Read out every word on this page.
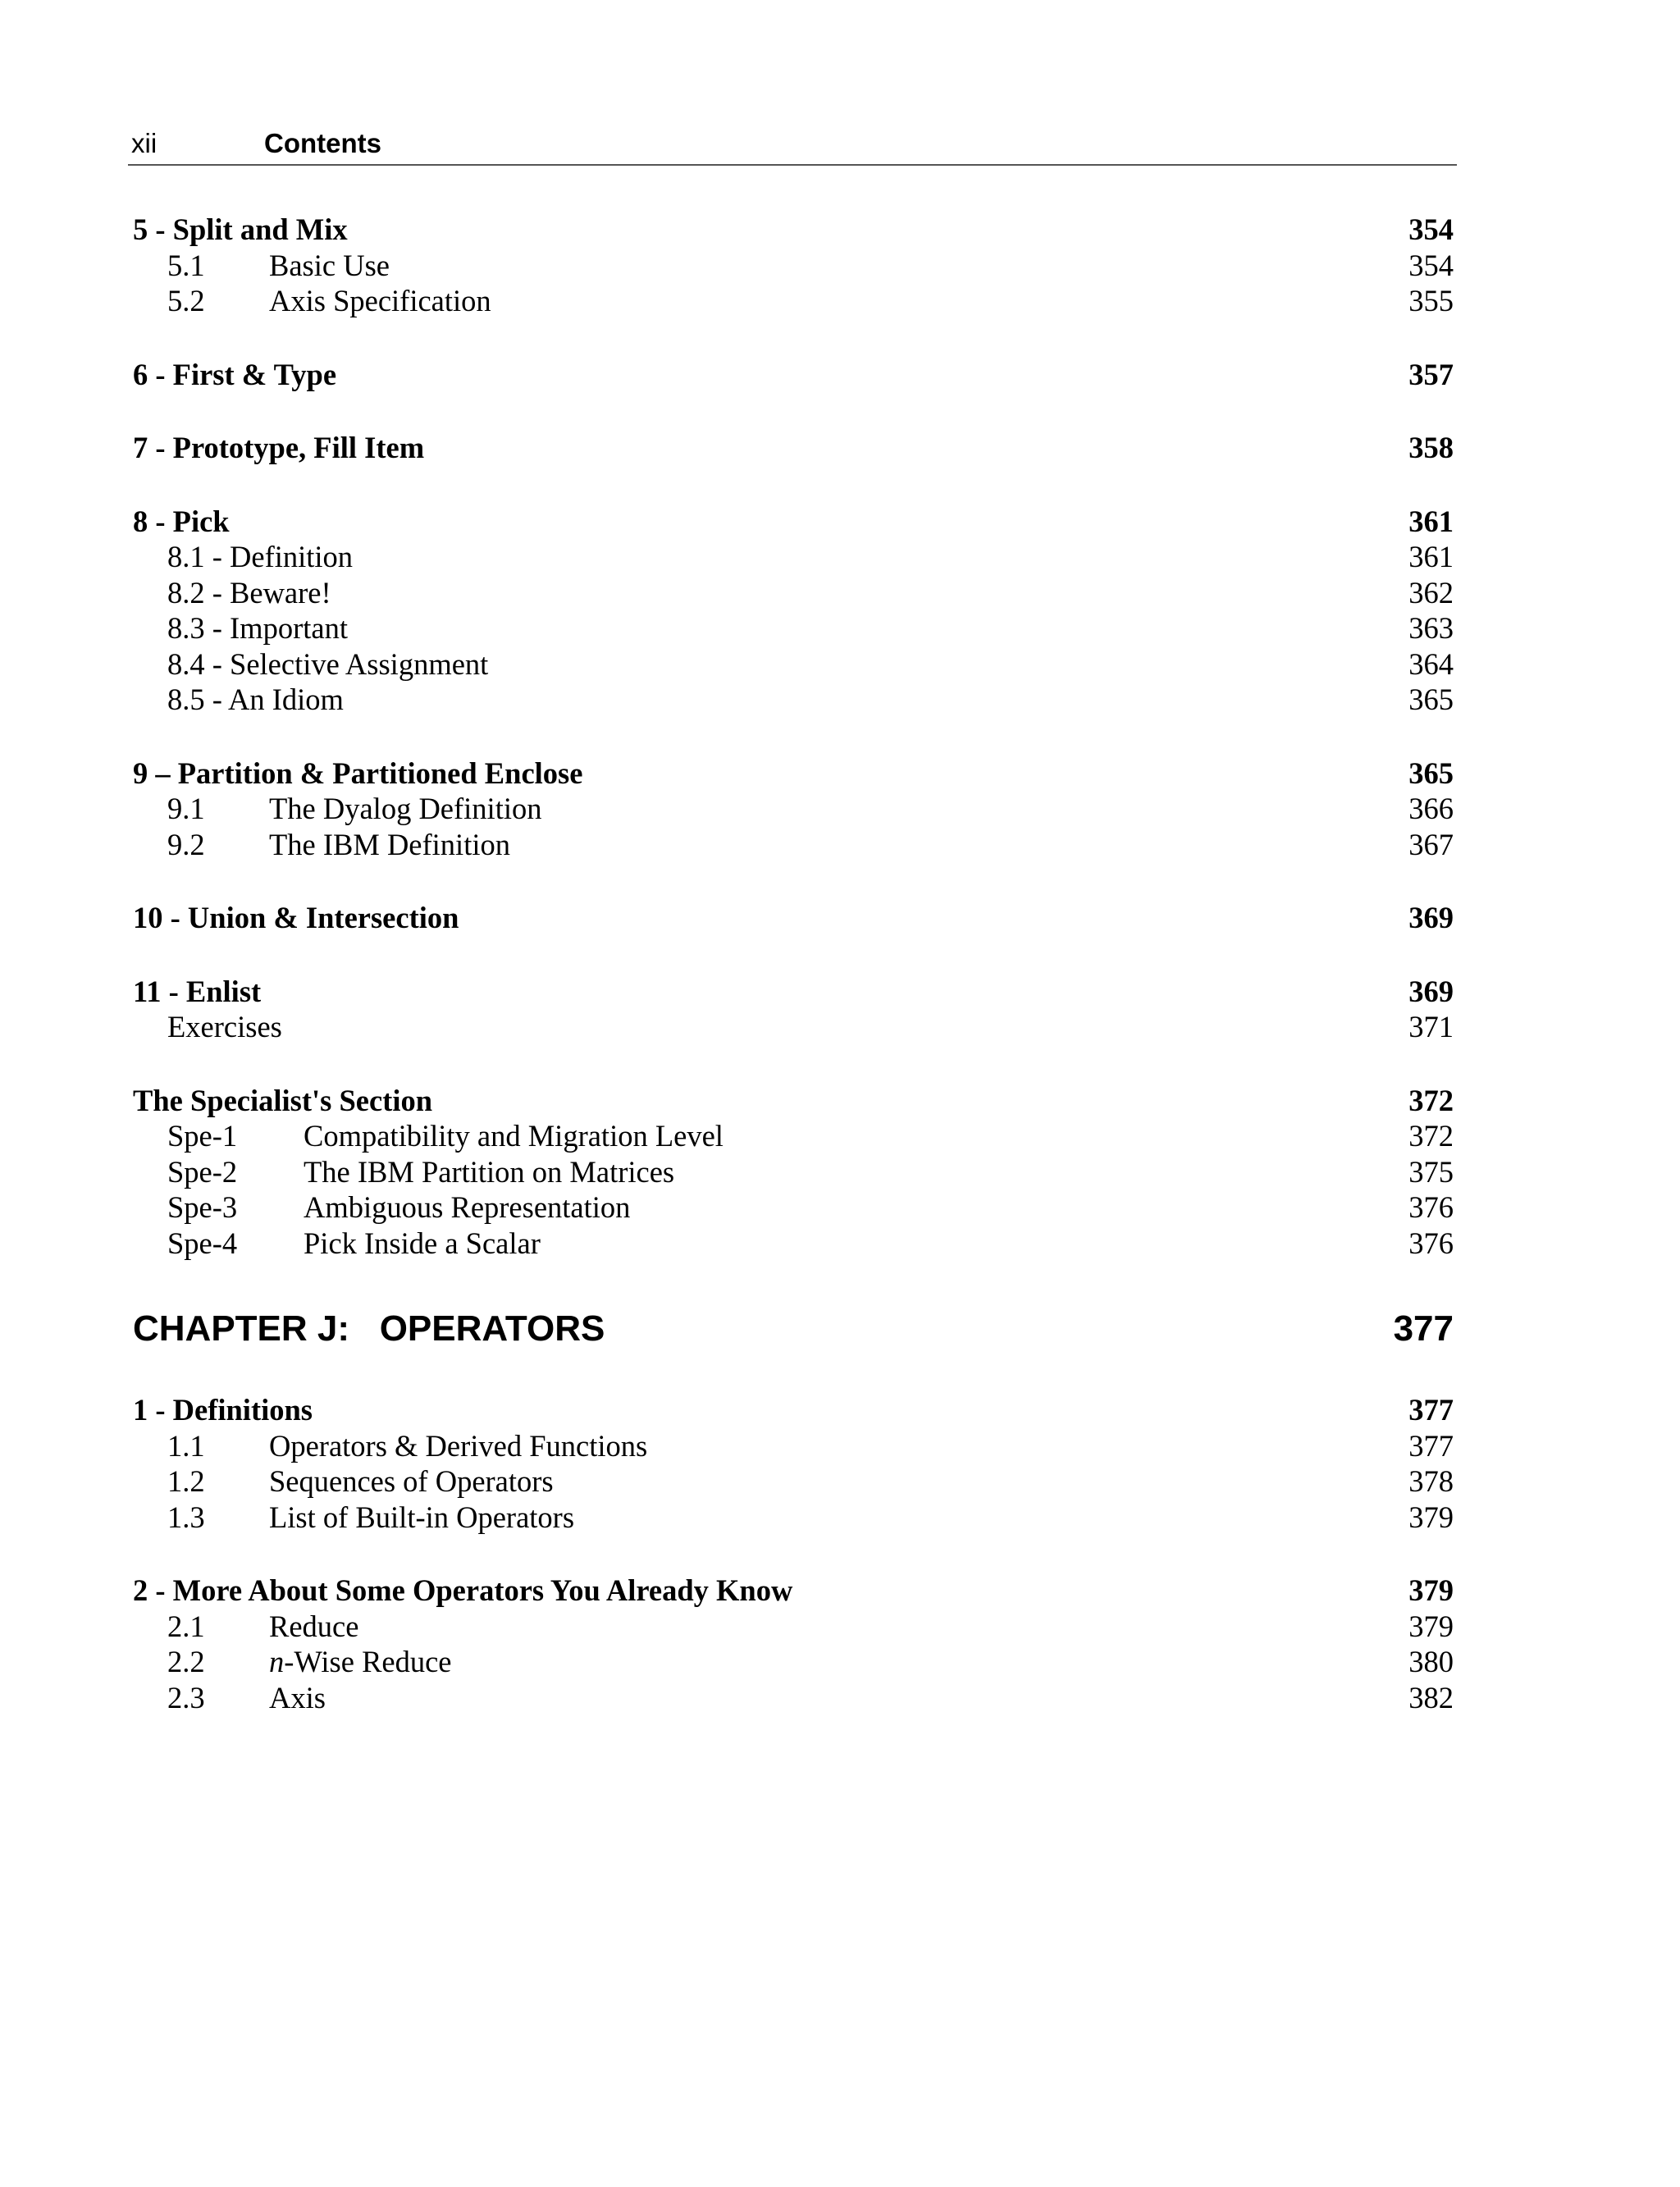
xii	Contents
5 - Split and Mix	354
5.1 Basic Use	354
5.2 Axis Specification	355
6 - First & Type	357
7 - Prototype, Fill Item	358
8 - Pick	361
8.1 - Definition	361
8.2 - Beware!	362
8.3 - Important	363
8.4 - Selective Assignment	364
8.5 - An Idiom	365
9 – Partition & Partitioned Enclose	365
9.1 The Dyalog Definition	366
9.2 The IBM Definition	367
10 - Union & Intersection	369
11 - Enlist	369
Exercises	371
The Specialist's Section	372
Spe-1 Compatibility and Migration Level	372
Spe-2 The IBM Partition on Matrices	375
Spe-3 Ambiguous Representation	376
Spe-4 Pick Inside a Scalar	376
CHAPTER J:   OPERATORS	377
1 - Definitions	377
1.1 Operators & Derived Functions	377
1.2 Sequences of Operators	378
1.3 List of Built-in Operators	379
2 - More About Some Operators You Already Know	379
2.1 Reduce	379
2.2 n-Wise Reduce	380
2.3 Axis	382
